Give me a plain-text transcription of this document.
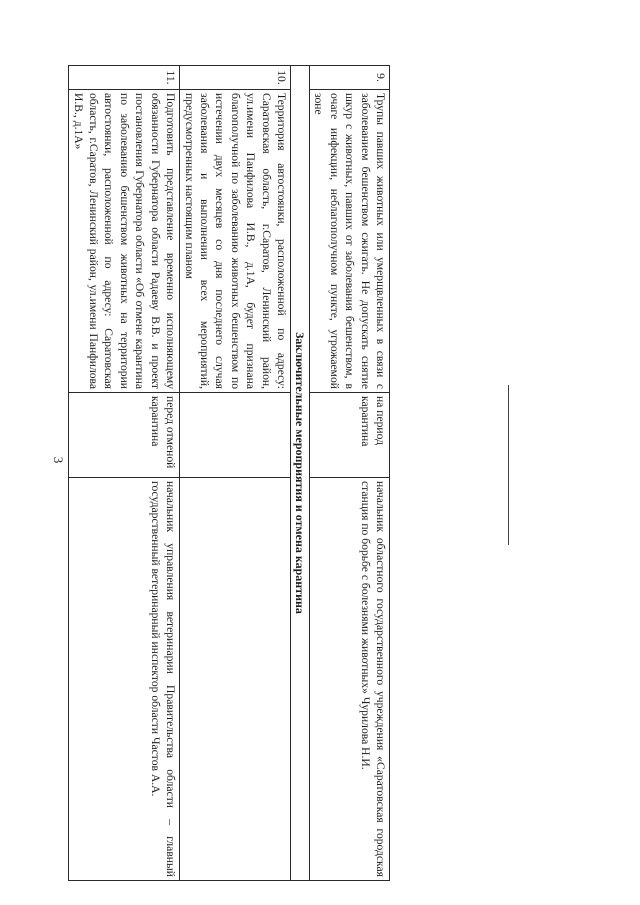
3
9.	Трупы павших животных или умерщвленных в связи с заболеванием бешенством сжигать. Не допускать снятие шкур с животных, павших от заболевания бешенством, в очаге инфекции, неблагополучном пункте, угрожаемой зоне	на период карантина	начальник областного государственного учреждения «Саратовская городская станция по борьбе с болезнями животных» Чурилова Н.И.
Заключительные мероприятия и отмена карантина			
10.	Территория автостоянки, расположенной по адресу: Саратовская область, г.Саратов, Ленинский район, ул.имени Панфилова И.В., д.1А, будет признана благополучной по заболеванию животных бешенством по истечении двух месяцев со дня последнего случая заболевания и выполнении всех мероприятий, предусмотренных настоящим планом		
11.	Подготовить представление временно исполняющему обязанности Губернатора области Радаеву В.В. и проект постановления Губернатора области «Об отмене карантина по заболеванию бешенством животных на территории автостоянки, расположенной по адресу: Саратовская область, г.Саратов, Ленинский район, ул.имени Панфилова И.В., д.1А»	перед отменой карантина	начальник управления ветеринарии Правительства области – главный государственный ветеринарный инспектор области Частов А.А.
